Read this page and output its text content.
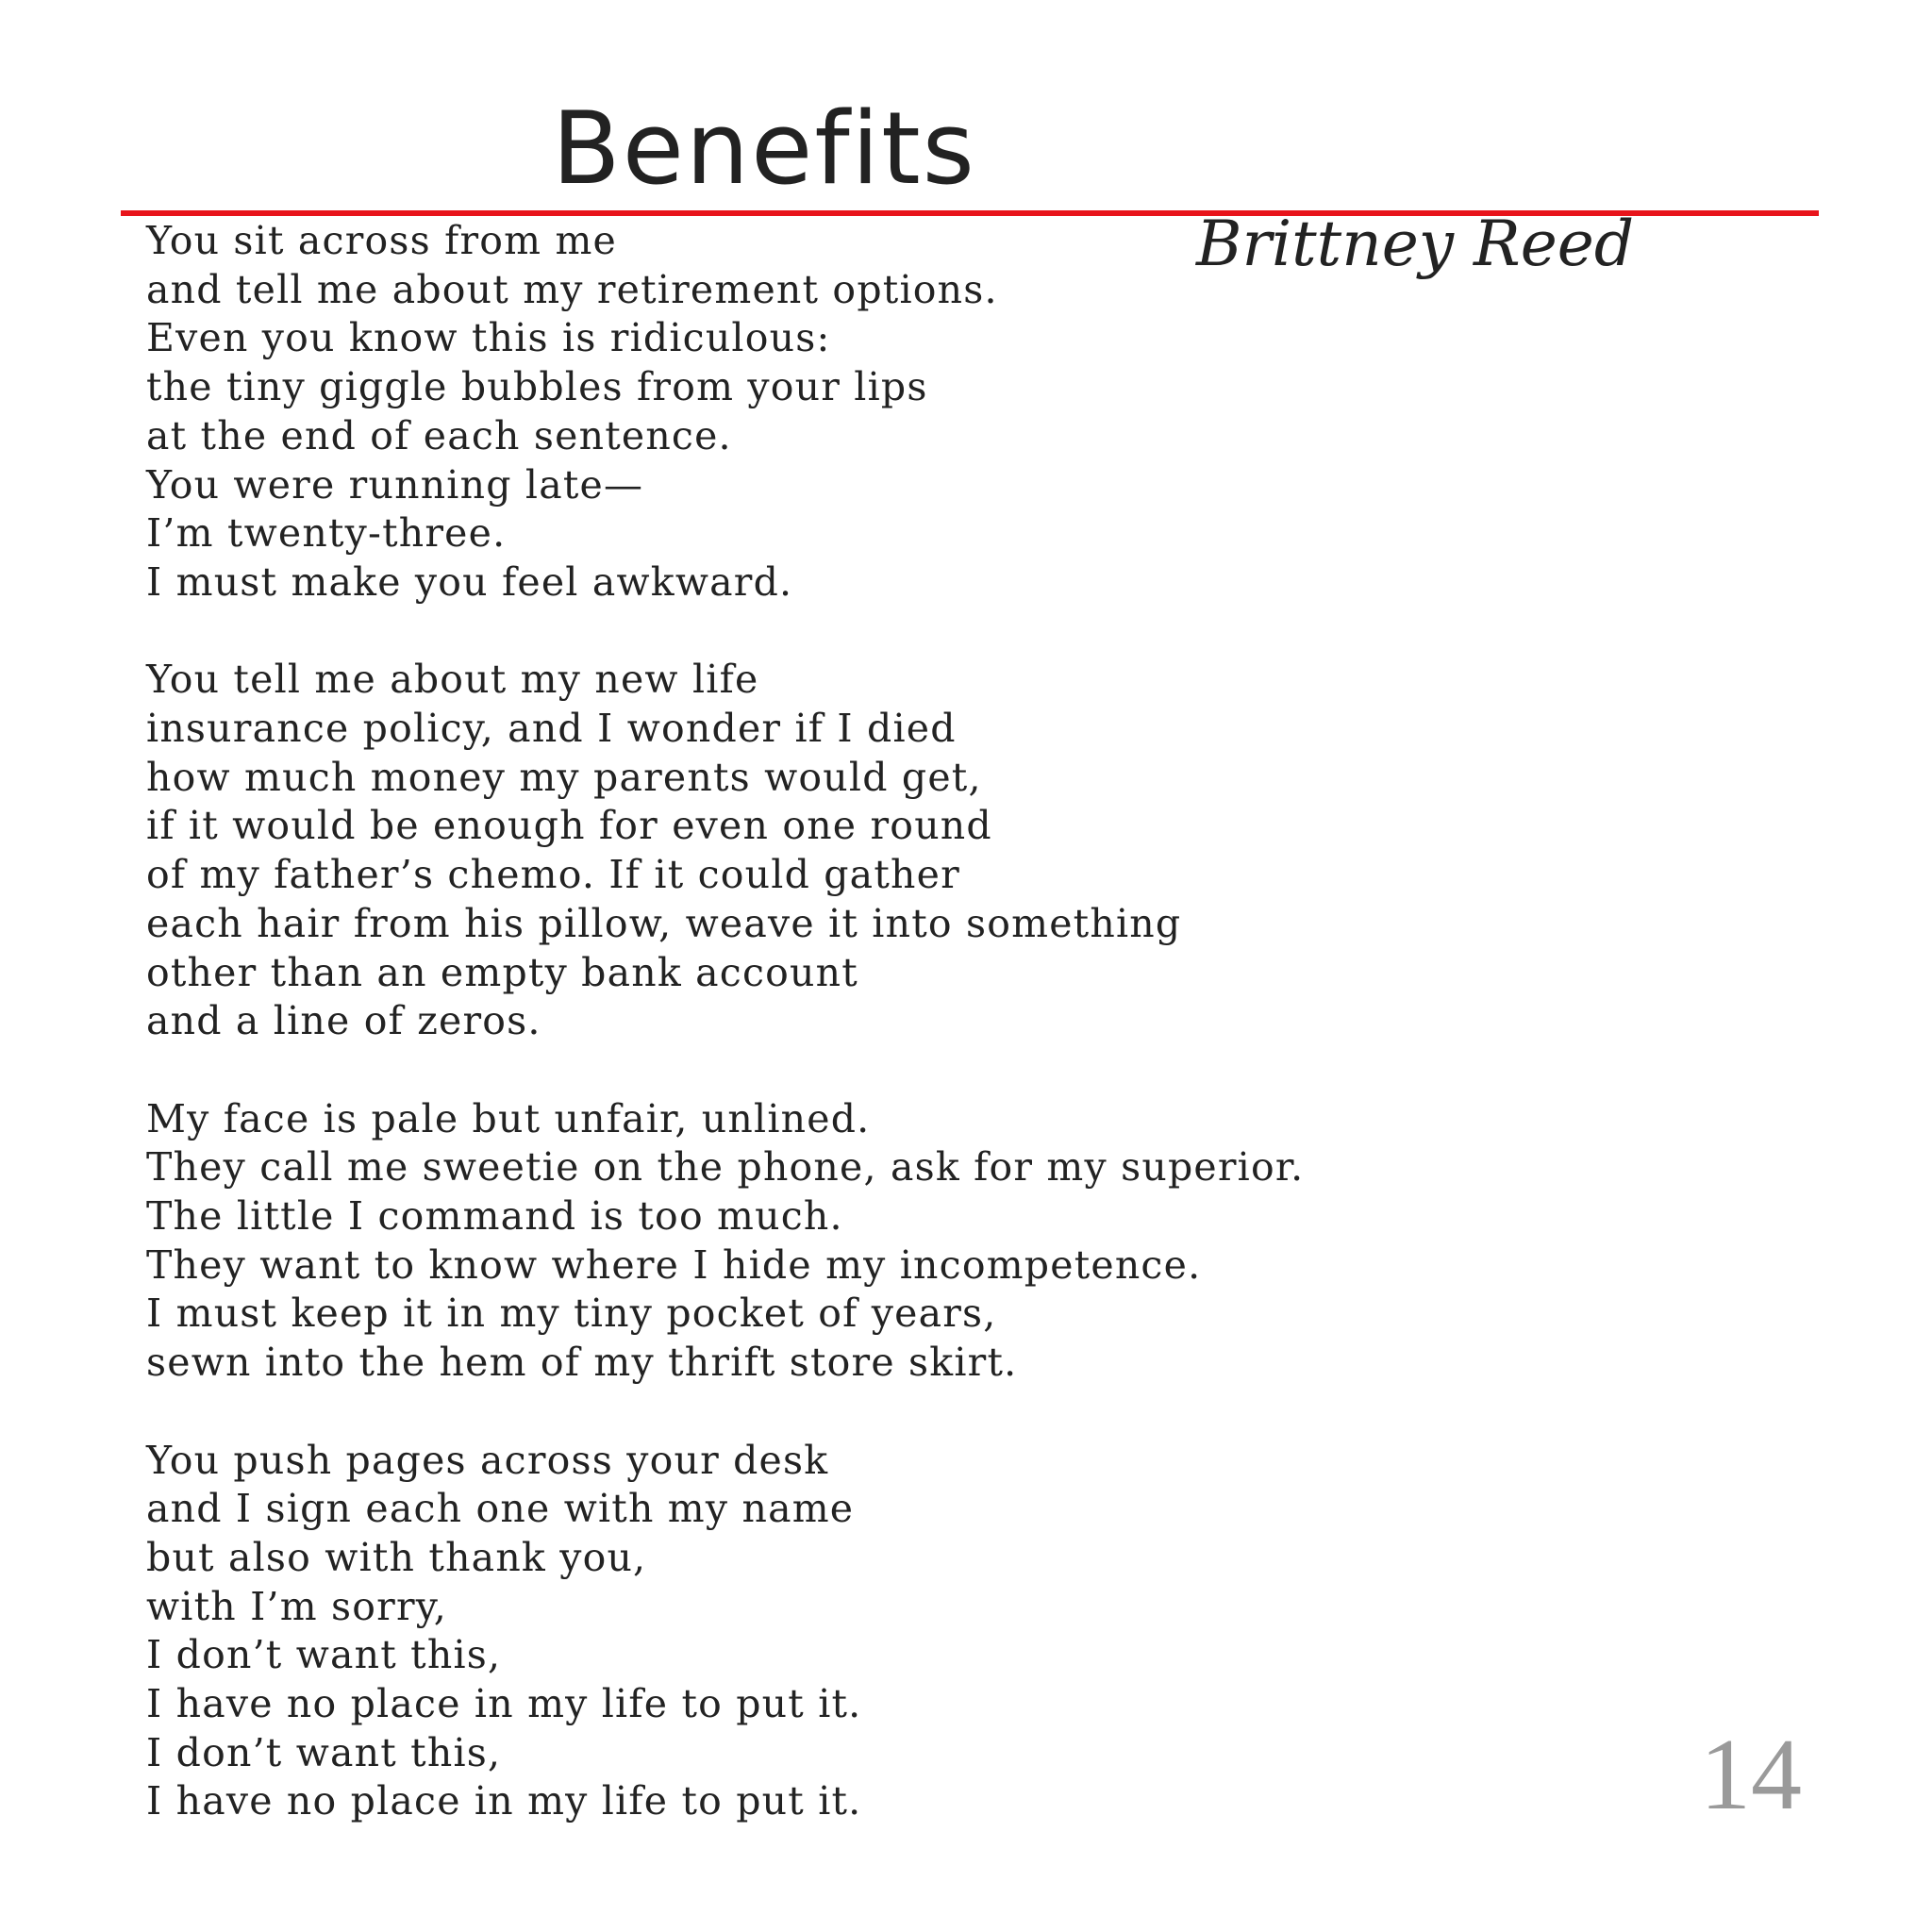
Benefits
Brittney Reed
You sit across from me
and tell me about my retirement options.
Even you know this is ridiculous:
the tiny giggle bubbles from your lips
at the end of each sentence.
You were running late—
I’m twenty-three.
I must make you feel awkward.
You tell me about my new life
insurance policy, and I wonder if I died
how much money my parents would get,
if it would be enough for even one round
of my father’s chemo. If it could gather
each hair from his pillow, weave it into something
other than an empty bank account
and a line of zeros.
My face is pale but unfair, unlined.
They call me sweetie on the phone, ask for my superior.
The little I command is too much.
They want to know where I hide my incompetence.
I must keep it in my tiny pocket of years,
sewn into the hem of my thrift store skirt.
You push pages across your desk
and I sign each one with my name
but also with thank you,
with I’m sorry,
I don’t want this,
I have no place in my life to put it.
I don’t want this,
I have no place in my life to put it.	14
